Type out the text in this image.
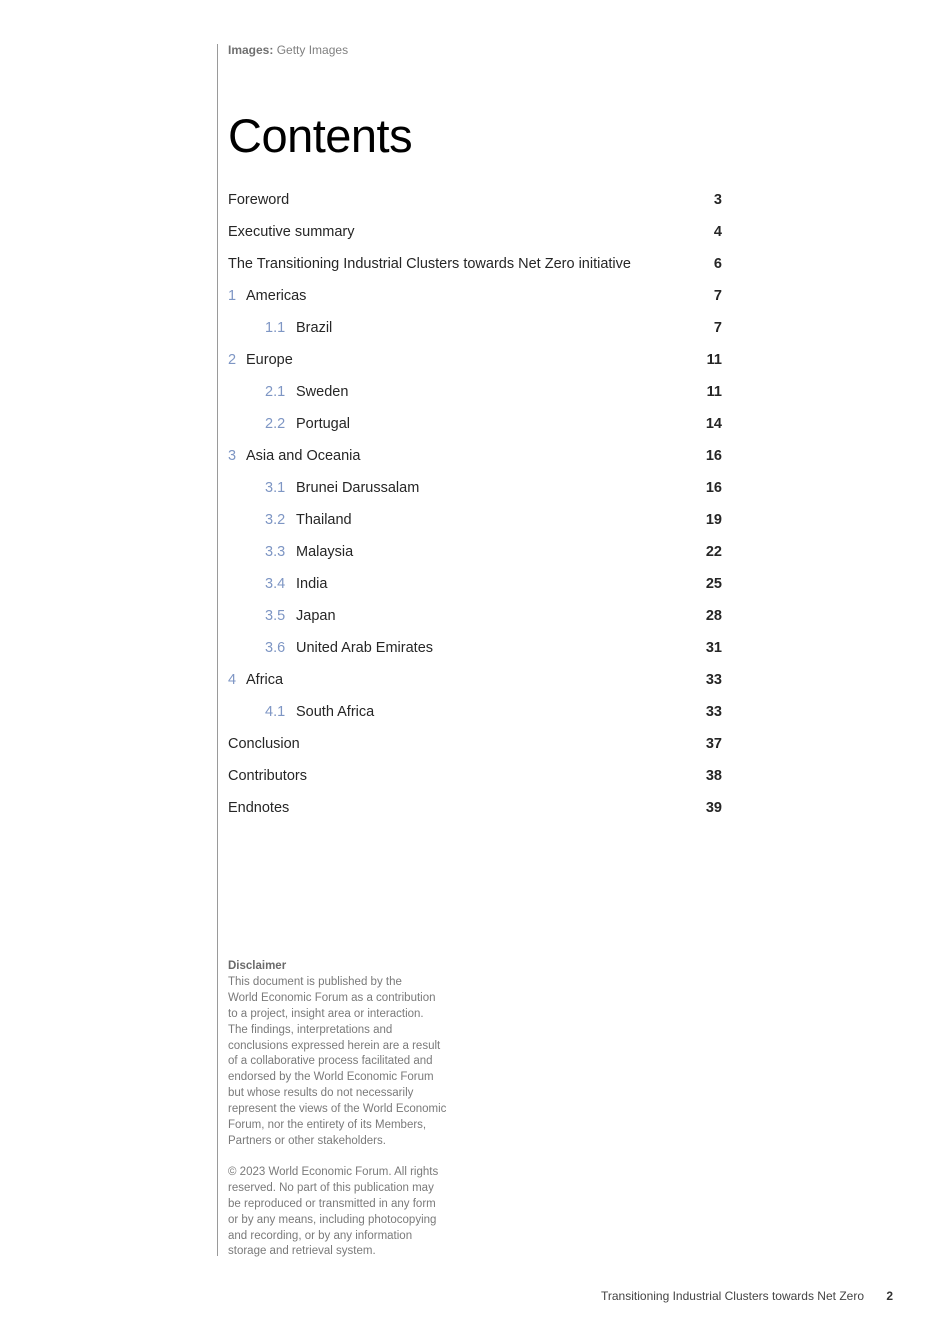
Images: Getty Images
Contents
Foreword	3
Executive summary	4
The Transitioning Industrial Clusters towards Net Zero initiative	6
1 Americas	7
1.1 Brazil	7
2 Europe	11
2.1 Sweden	11
2.2 Portugal	14
3 Asia and Oceania	16
3.1 Brunei Darussalam	16
3.2 Thailand	19
3.3 Malaysia	22
3.4 India	25
3.5 Japan	28
3.6 United Arab Emirates	31
4 Africa	33
4.1 South Africa	33
Conclusion	37
Contributors	38
Endnotes	39

Disclaimer

This document is published by the

World Economic Forum as a contribution

to a project, insight area or interaction.

The findings, interpretations and

conclusions expressed herein are a result

of a collaborative process facilitated and

endorsed by the World Economic Forum

but whose results do not necessarily

represent the views of the World Economic

Forum, nor the entirety of its Members,

Partners or other stakeholders.

© 2023 World Economic Forum. All rights

reserved. No part of this publication may

be reproduced or transmitted in any form

or by any means, including photocopying

and recording, or by any information

storage and retrieval system.

Transitioning Industrial Clusters towards Net Zero 2
